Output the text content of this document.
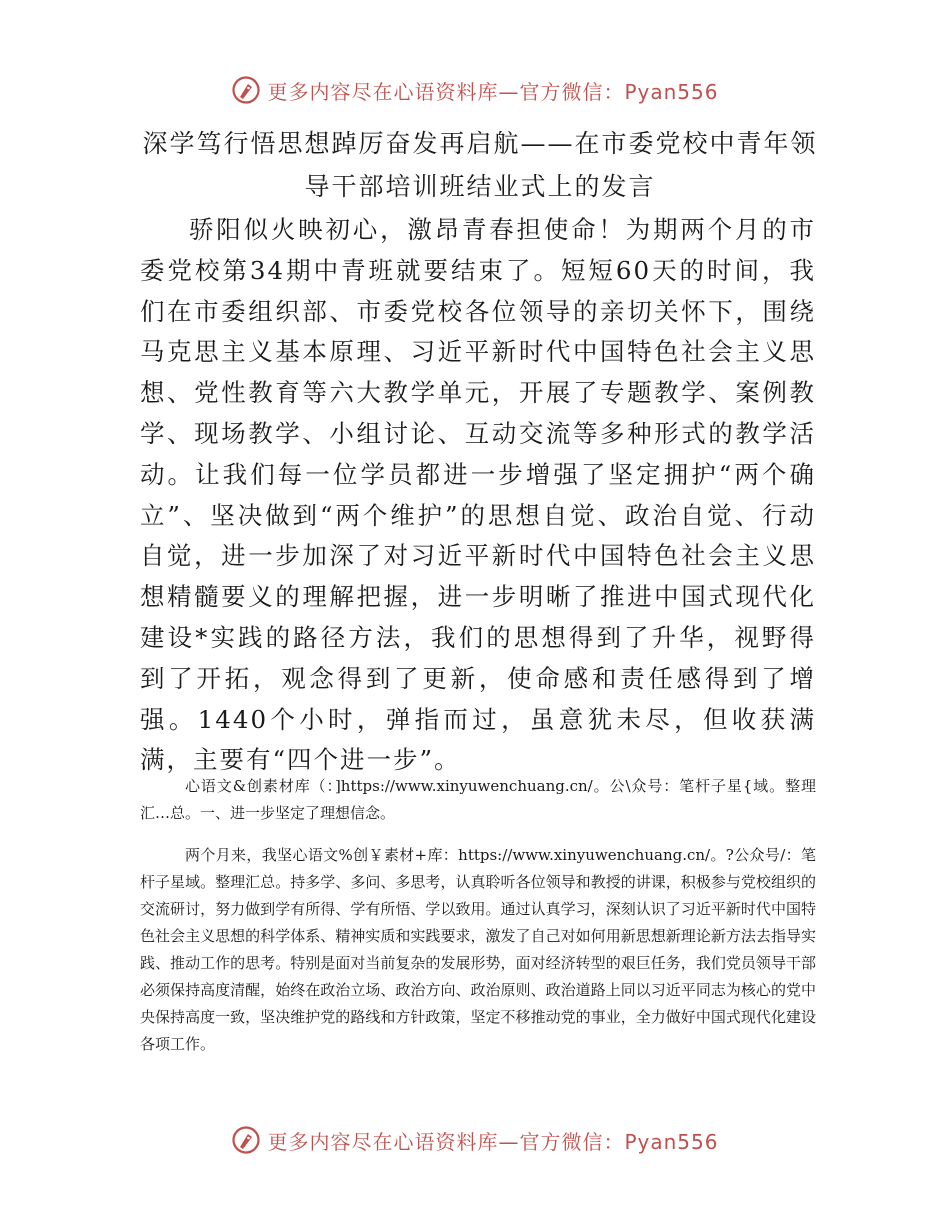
更多内容尽在心语资料库—官方微信：Pyan556
深学笃行悟思想踔厉奋发再启航——在市委党校中青年领导干部培训班结业式上的发言

骄阳似火映初心，激昂青春担使命！为期两个月的市委党校第34期中青班就要结束了。短短60天的时间，我们在市委组织部、市委党校各位领导的亲切关怀下，围绕马克思主义基本原理、习近平新时代中国特色社会主义思想、党性教育等六大教学单元，开展了专题教学、案例教学、现场教学、小组讨论、互动交流等多种形式的教学活动。让我们每一位学员都进一步增强了坚定拥护“两个确立”、坚决做到“两个维护”的思想自觉、政治自觉、行动自觉，进一步加深了对习近平新时代中国特色社会主义思想精髓要义的理解把握，进一步明晰了推进中国式现代化建设*实践的路径方法，我们的思想得到了升华，视野得到了开拓，观念得到了更新，使命感和责任感得到了增强。1440个小时，弹指而过，虽意犹未尽，但收获满满，主要有“四个进一步”。

心语文&创素材库（：]https://www.xinyuwenchuang.cn/。公\众号：笔杆子星{域。整理汇…总。一、进一步坚定了理想信念。

两个月来，我坚心语文%创￥素材+库：https://www.xinyuwenchuang.cn/。?公众号/：笔杆子星域。整理汇总。持多学、多问、多思考，认真聆听各位领导和教授的讲课，积极参与党校组织的交流研讨，努力做到学有所得、学有所悟、学以致用。通过认真学习，深刻认识了习近平新时代中国特色社会主义思想的科学体系、精神实质和实践要求，激发了自己对如何用新思想新理论新方法去指导实践、推动工作的思考。特别是面对当前复杂的发展形势，面对经济转型的艰巨任务，我们党员领导干部必须保持高度清醒，始终在政治立场、政治方向、政治原则、政治道路上同以习近平同志为核心的党中央保持高度一致，坚决维护党的路线和方针政策，坚定不移推动党的事业，全力做好中国式现代化建设各项工作。

更多内容尽在心语资料库—官方微信：Pyan556
